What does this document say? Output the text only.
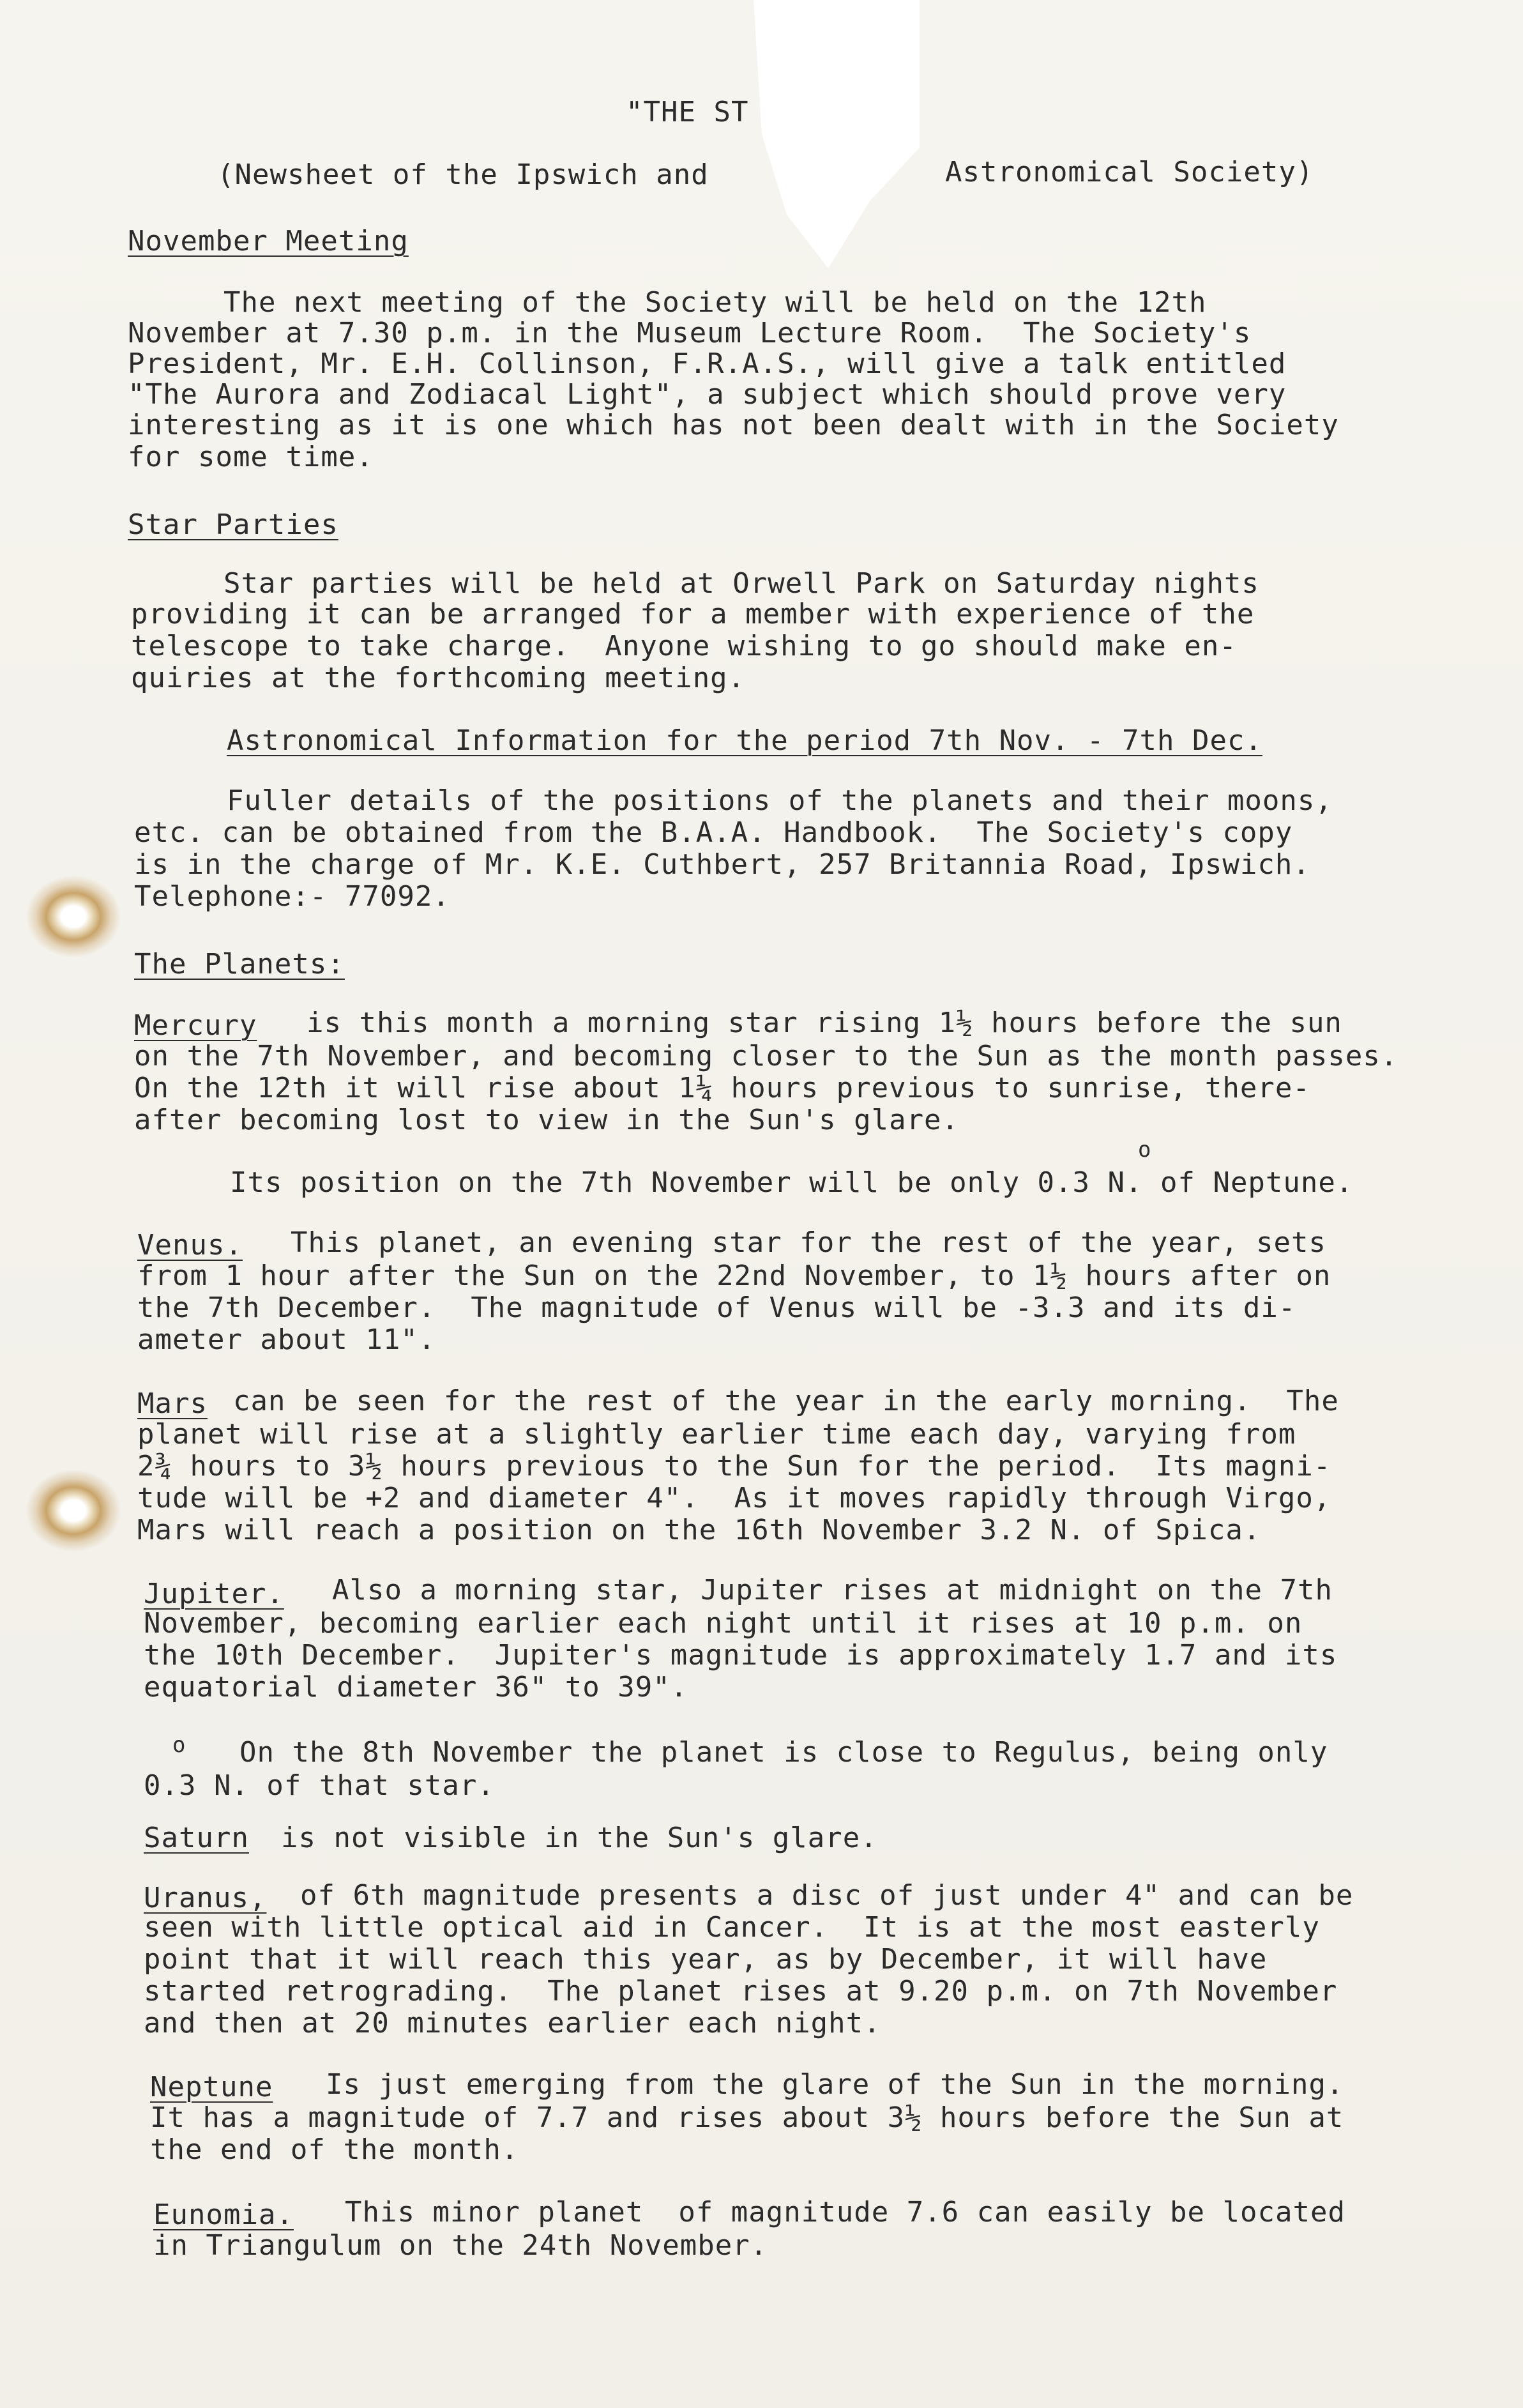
"THE ST
(Newsheet of the Ipswich and	Astronomical Society)
November Meeting
The next meeting of the Society will be held on the 12th
November at 7.30 p.m. in the Museum Lecture Room.  The Society's
President, Mr. E.H. Collinson, F.R.A.S., will give a talk entitled
"The Aurora and Zodiacal Light", a subject which should prove very
interesting as it is one which has not been dealt with in the Society
for some time.
Star Parties
Star parties will be held at Orwell Park on Saturday nights
providing it can be arranged for a member with experience of the
telescope to take charge.  Anyone wishing to go should make en-
quiries at the forthcoming meeting.
Astronomical Information for the period 7th Nov. - 7th Dec.
Fuller details of the positions of the planets and their moons,
etc. can be obtained from the B.A.A. Handbook.  The Society's copy
is in the charge of Mr. K.E. Cuthbert, 257 Britannia Road, Ipswich.
Telephone:- 77092.
The Planets:
Mercury is this month a morning star rising 1½ hours before the sun
on the 7th November, and becoming closer to the Sun as the month passes.
On the 12th it will rise about 1¼ hours previous to sunrise, there-
after becoming lost to view in the Sun's glare.
o
Its position on the 7th November will be only 0.3 N. of Neptune.
Venus. This planet, an evening star for the rest of the year, sets
from 1 hour after the Sun on the 22nd November, to 1½ hours after on
the 7th December.  The magnitude of Venus will be -3.3 and its di-
ameter about 11".
Mars can be seen for the rest of the year in the early morning.  The
planet will rise at a slightly earlier time each day, varying from
2¾ hours to 3½ hours previous to the Sun for the period.  Its magni-
tude will be +2 and diameter 4".  As it moves rapidly through Virgo,
Mars will reach a position on the 16th November 3.2 N. of Spica.
Jupiter. Also a morning star, Jupiter rises at midnight on the 7th
November, becoming earlier each night until it rises at 10 p.m. on
the 10th December.  Jupiter's magnitude is approximately 1.7 and its
equatorial diameter 36" to 39".
o On the 8th November the planet is close to Regulus, being only
0.3 N. of that star.
Saturn is not visible in the Sun's glare.
Uranus, of 6th magnitude presents a disc of just under 4" and can be
seen with little optical aid in Cancer.  It is at the most easterly
point that it will reach this year, as by December, it will have
started retrograding.  The planet rises at 9.20 p.m. on 7th November
and then at 20 minutes earlier each night.
Neptune Is just emerging from the glare of the Sun in the morning.
It has a magnitude of 7.7 and rises about 3½ hours before the Sun at
the end of the month.
Eunomia. This minor planet  of magnitude 7.6 can easily be located
in Triangulum on the 24th November.
